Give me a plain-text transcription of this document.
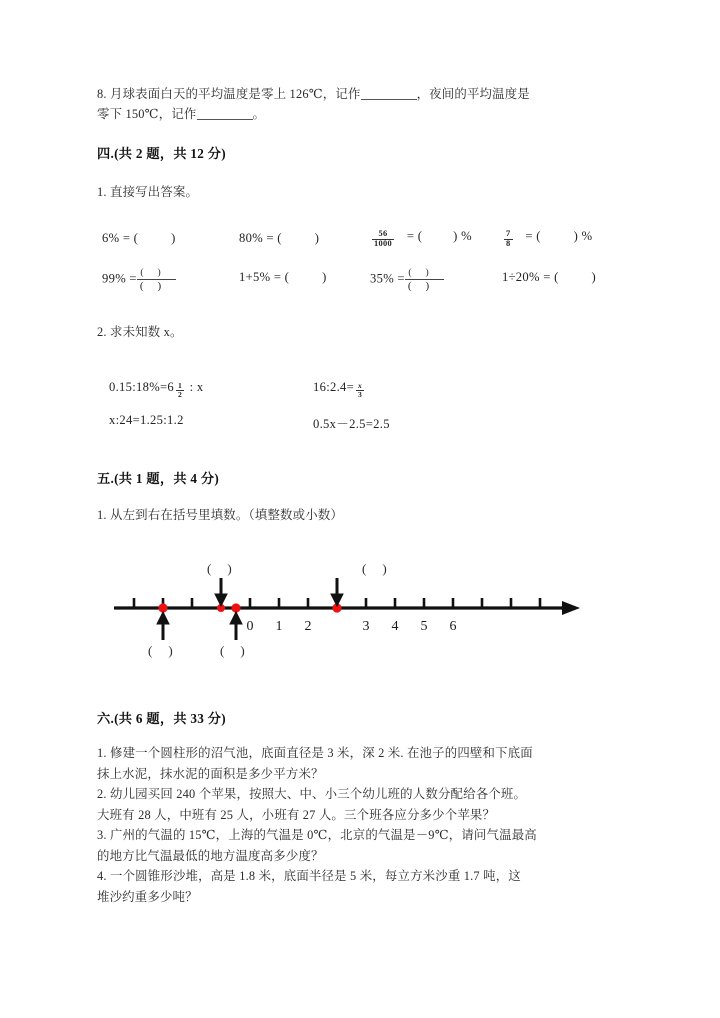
8. 月球表面白天的平均温度是零上 126℃，记作	，夜间的平均温度是
零下 150℃，记作	。
四.(共 2 题，共 12 分)
1. 直接写出答案。
6% = (	)	80% = (	)	$\frac{56}{1000}$ = ( ) %	$\frac{7}{8}$ = (	) %
$99\% = \frac{()}{()}$	1+5% = (	)	$35\% = \frac{()}{()}$	1÷20% = (	)
2. 求未知数 x。
0.15:18%=6 $\frac{1}{2}$ : x	16:2.4= $\frac{x}{3}$
x:24=1.25:1.2	0.5x－2.5=2.5
五.(共 1 题，共 4 分)
1. 从左到右在括号里填数。（填整数或小数）
六.(共 6 题，共 33 分)
1. 修建一个圆柱形的沼气池，底面直径是 3 米，深 2 米. 在池子的四壁和下底面
抹上水泥，抹水泥的面积是多少平方米？
2. 幼儿园买回 240 个苹果，按照大、中、小三个幼儿班的人数分配给各个班。
大班有 28 人，中班有 25 人，小班有 27 人。三个班各应分多少个苹果？
3. 广州的气温的 15℃，上海的气温是 0℃，北京的气温是－9℃，请问气温最高
的地方比气温最低的地方温度高多少度？
4. 一个圆锥形沙堆，高是 1.8 米，底面半径是 5 米，每立方米沙重 1.7 吨，这
堆沙约重多少吨？
()	()
0 1 2	3 4 5 6
() ()
